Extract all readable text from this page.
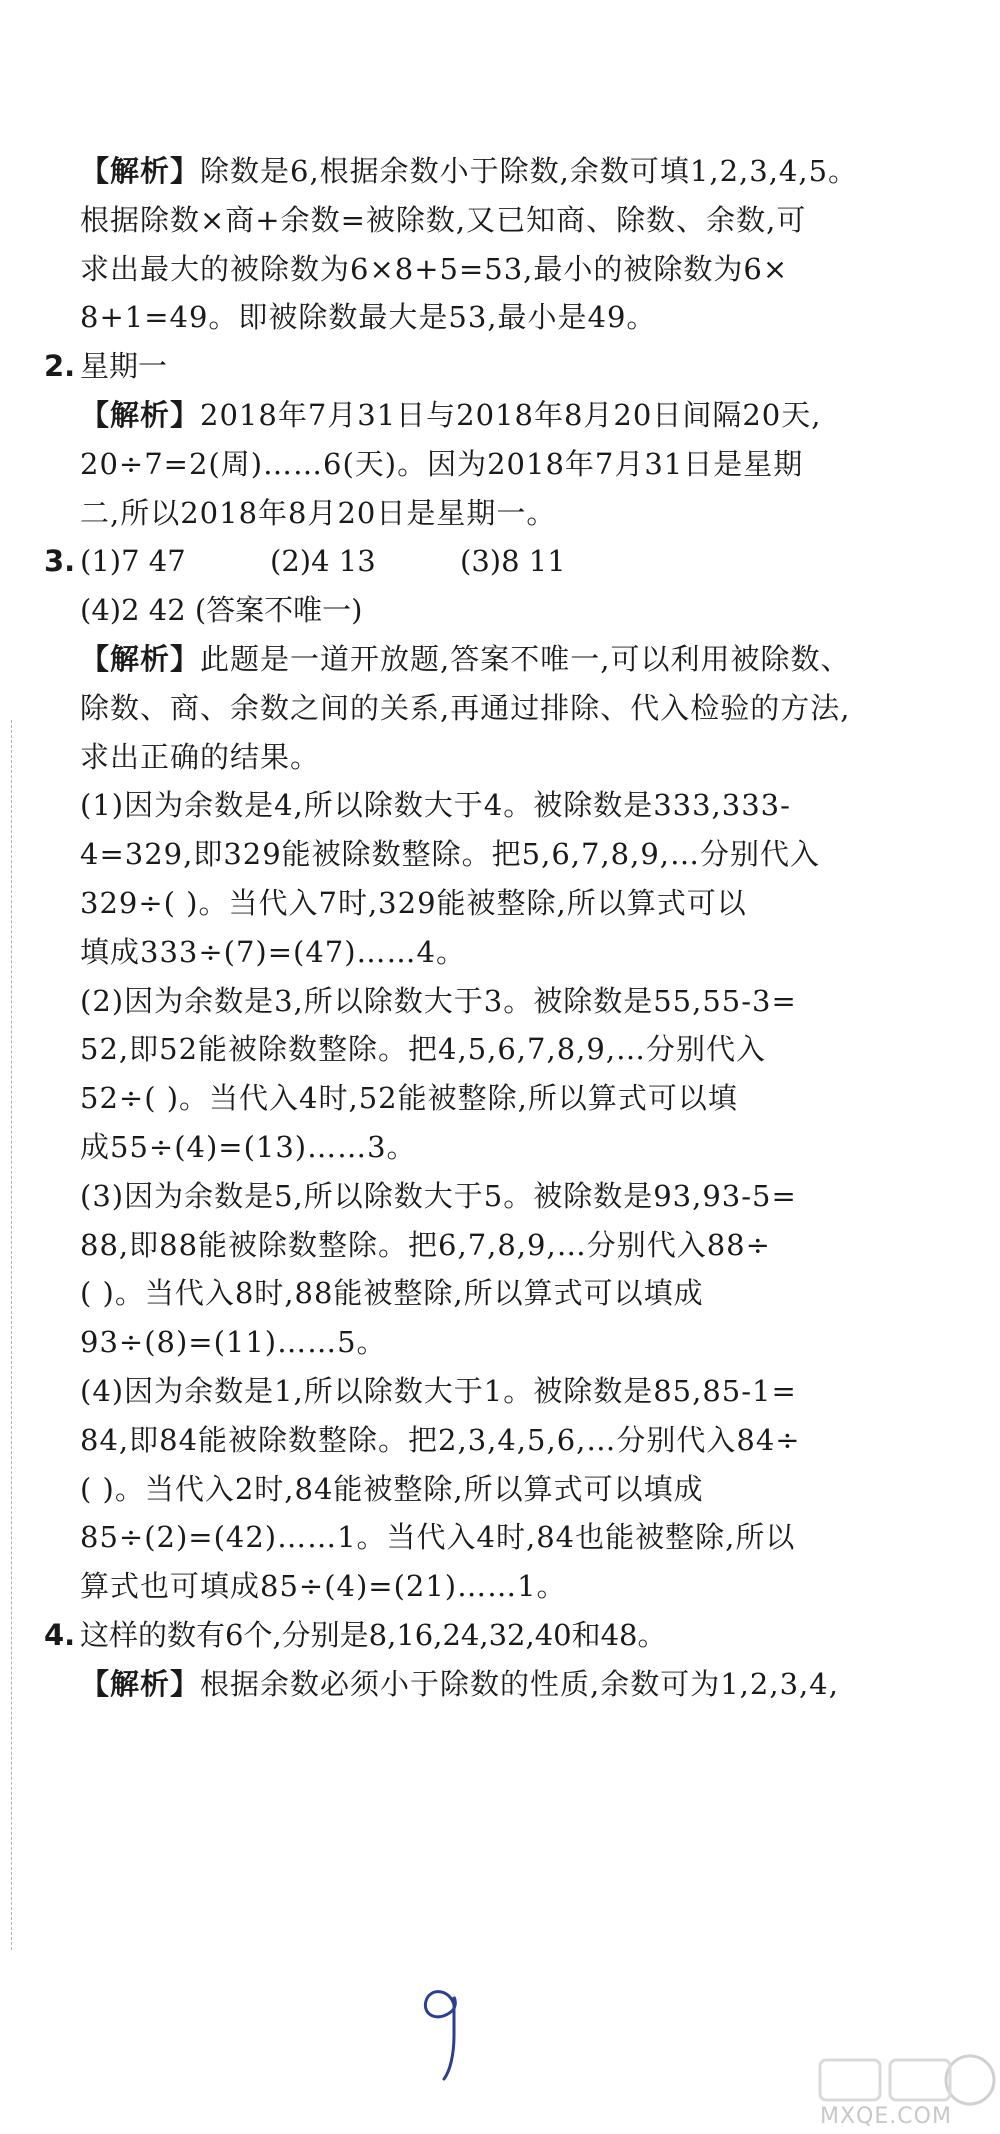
【解析】除数是6,根据余数小于除数,余数可填1,2,3,4,5。
根据除数×商+余数=被除数,又已知商、除数、余数,可
求出最大的被除数为6×8+5=53,最小的被除数为6×
8+1=49。即被除数最大是53,最小是49。
2. 星期一
【解析】2018年7月31日与2018年8月20日间隔20天,
20÷7=2(周)……6(天)。因为2018年7月31日是星期
二,所以2018年8月20日是星期一。
3. (1)7 47	(2)4 13	(3)8 11
(4)2 42 (答案不唯一)
【解析】此题是一道开放题,答案不唯一,可以利用被除数、
除数、商、余数之间的关系,再通过排除、代入检验的方法,
求出正确的结果。
(1)因为余数是4,所以除数大于4。被除数是333,333-
4=329,即329能被除数整除。把5,6,7,8,9,…分别代入
329÷( )。当代入7时,329能被整除,所以算式可以
填成333÷(7)=(47)……4。
(2)因为余数是3,所以除数大于3。被除数是55,55-3=
52,即52能被除数整除。把4,5,6,7,8,9,…分别代入
52÷( )。当代入4时,52能被整除,所以算式可以填
成55÷(4)=(13)……3。
(3)因为余数是5,所以除数大于5。被除数是93,93-5=
88,即88能被除数整除。把6,7,8,9,…分别代入88÷
( )。当代入8时,88能被整除,所以算式可以填成
93÷(8)=(11)……5。
(4)因为余数是1,所以除数大于1。被除数是85,85-1=
84,即84能被除数整除。把2,3,4,5,6,…分别代入84÷
( )。当代入2时,84能被整除,所以算式可以填成
85÷(2)=(42)……1。当代入4时,84也能被整除,所以
算式也可填成85÷(4)=(21)……1。
4. 这样的数有6个,分别是8,16,24,32,40和48。
【解析】根据余数必须小于除数的性质,余数可为1,2,3,4,
MXQE.COM
